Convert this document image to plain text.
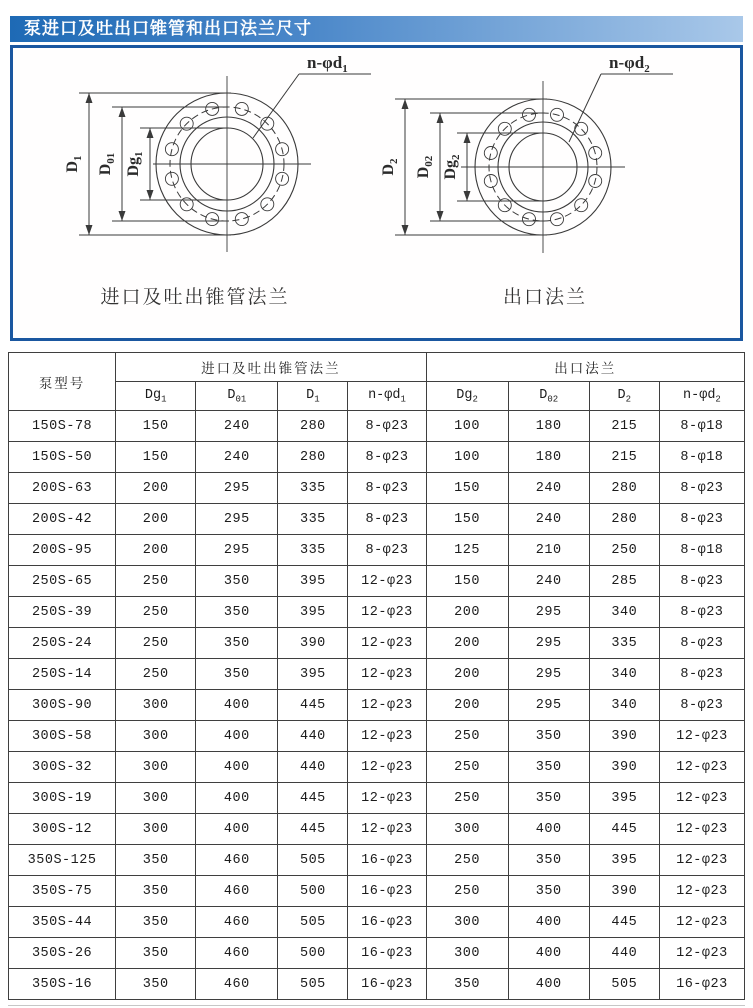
泵进口及吐出口锥管和出口法兰尺寸
$D_1$
$D_{01}$ $Dg_1$
$n-\varphi d_1$
进口及吐出锥管法兰
$D_2$
$D_{02}$ $Dg_2$
$n-\varphi d_2$
出口法兰
泵型号	进口及吐出锥管法兰				出口法兰			
	$Dg_1$	$D_{01}$	$D_1$	$n-\varphi d_1$	$Dg_2$	$D_{02}$	$D_2$	$n-\varphi d_2$
150S-78	150	240	280	8-φ23	100	180	215	8-φ18
150S-50	150	240	280	8-φ23	100	180	215	8-φ18
200S-63	200	295	335	8-φ23	150	240	280	8-φ23
200S-42	200	295	335	8-φ23	150	240	280	8-φ23
200S-95	200	295	335	8-φ23	125	210	250	8-φ18
250S-65	250	350	395	12-φ23	150	240	285	8-φ23
250S-39	250	350	395	12-φ23	200	295	340	8-φ23
250S-24	250	350	390	12-φ23	200	295	335	8-φ23
250S-14	250	350	395	12-φ23	200	295	340	8-φ23
300S-90	300	400	445	12-φ23	200	295	340	8-φ23
300S-58	300	400	440	12-φ23	250	350	390	12-φ23
300S-32	300	400	440	12-φ23	250	350	390	12-φ23
300S-19	300	400	445	12-φ23	250	350	395	12-φ23
300S-12	300	400	445	12-φ23	300	400	445	12-φ23
350S-125	350	460	505	16-φ23	250	350	395	12-φ23
350S-75	350	460	500	16-φ23	250	350	390	12-φ23
350S-44	350	460	505	16-φ23	300	400	445	12-φ23
350S-26	350	460	500	16-φ23	300	400	440	12-φ23
350S-16	350	460	505	16-φ23	350	400	505	16-φ23
